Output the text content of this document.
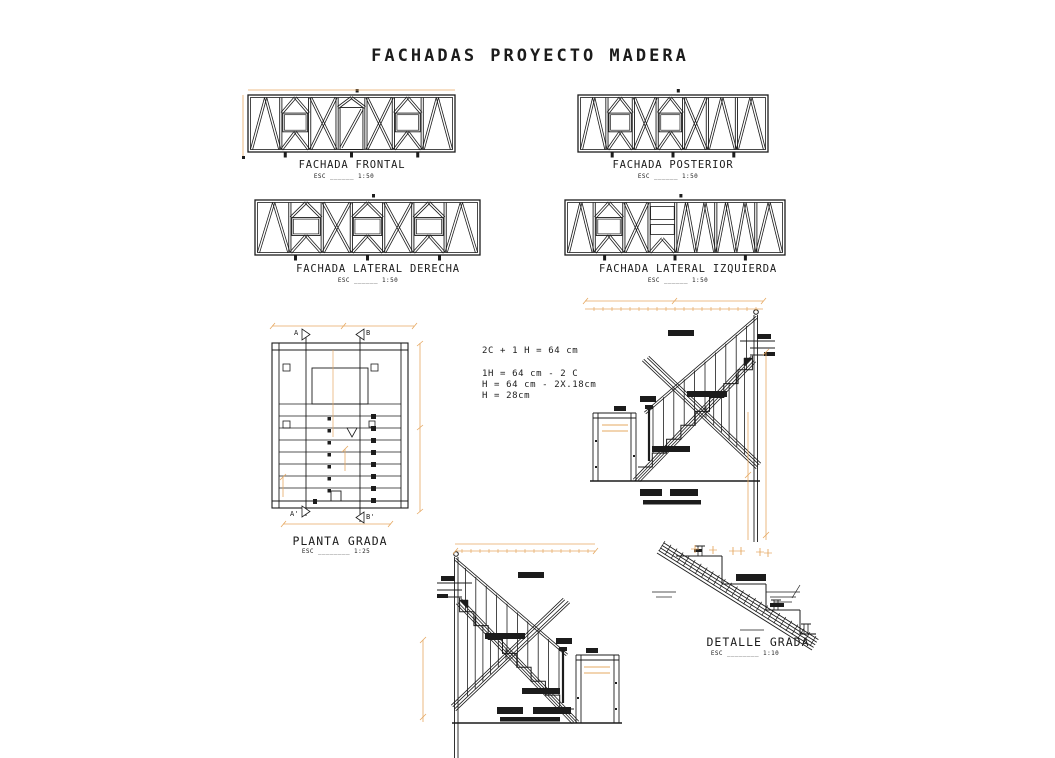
FACHADAS PROYECTO MADERA
FACHADA FRONTAL
ESC ______ 1:50
FACHADA POSTERIOR
ESC ______ 1:50
FACHADA LATERAL DERECHA
ESC ______ 1:50
FACHADA LATERAL IZQUIERDA
ESC ______ 1:50
PLANTA GRADA
ESC ________ 1:25
DETALLE GRADA
ESC ________ 1:10
2C + 1 H = 64 cm
1H = 64 cm - 2 C
H = 64 cm - 2X.18cm
H = 28cm
A	B
A'	B'
